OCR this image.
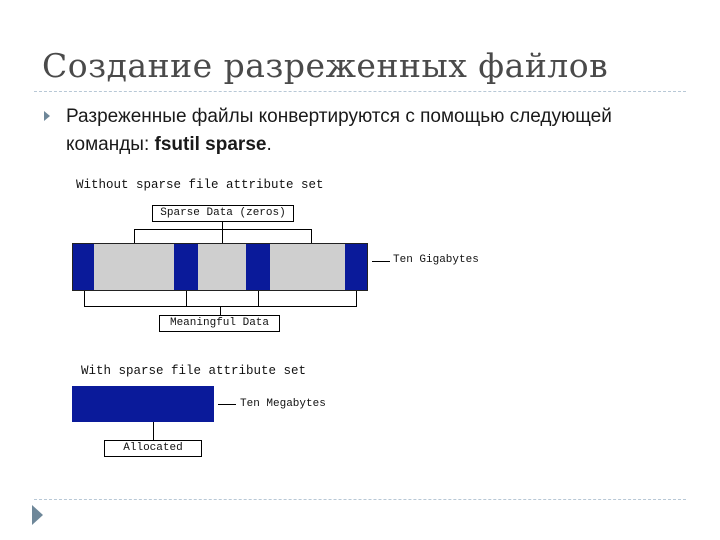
Создание разреженных файлов
Разреженные файлы конвертируются с помощью следующей команды: fsutil sparse.
Without sparse file attribute set
Sparse Data (zeros)
Ten Gigabytes
Meaningful Data
With sparse file attribute set
Ten Megabytes
Allocated
